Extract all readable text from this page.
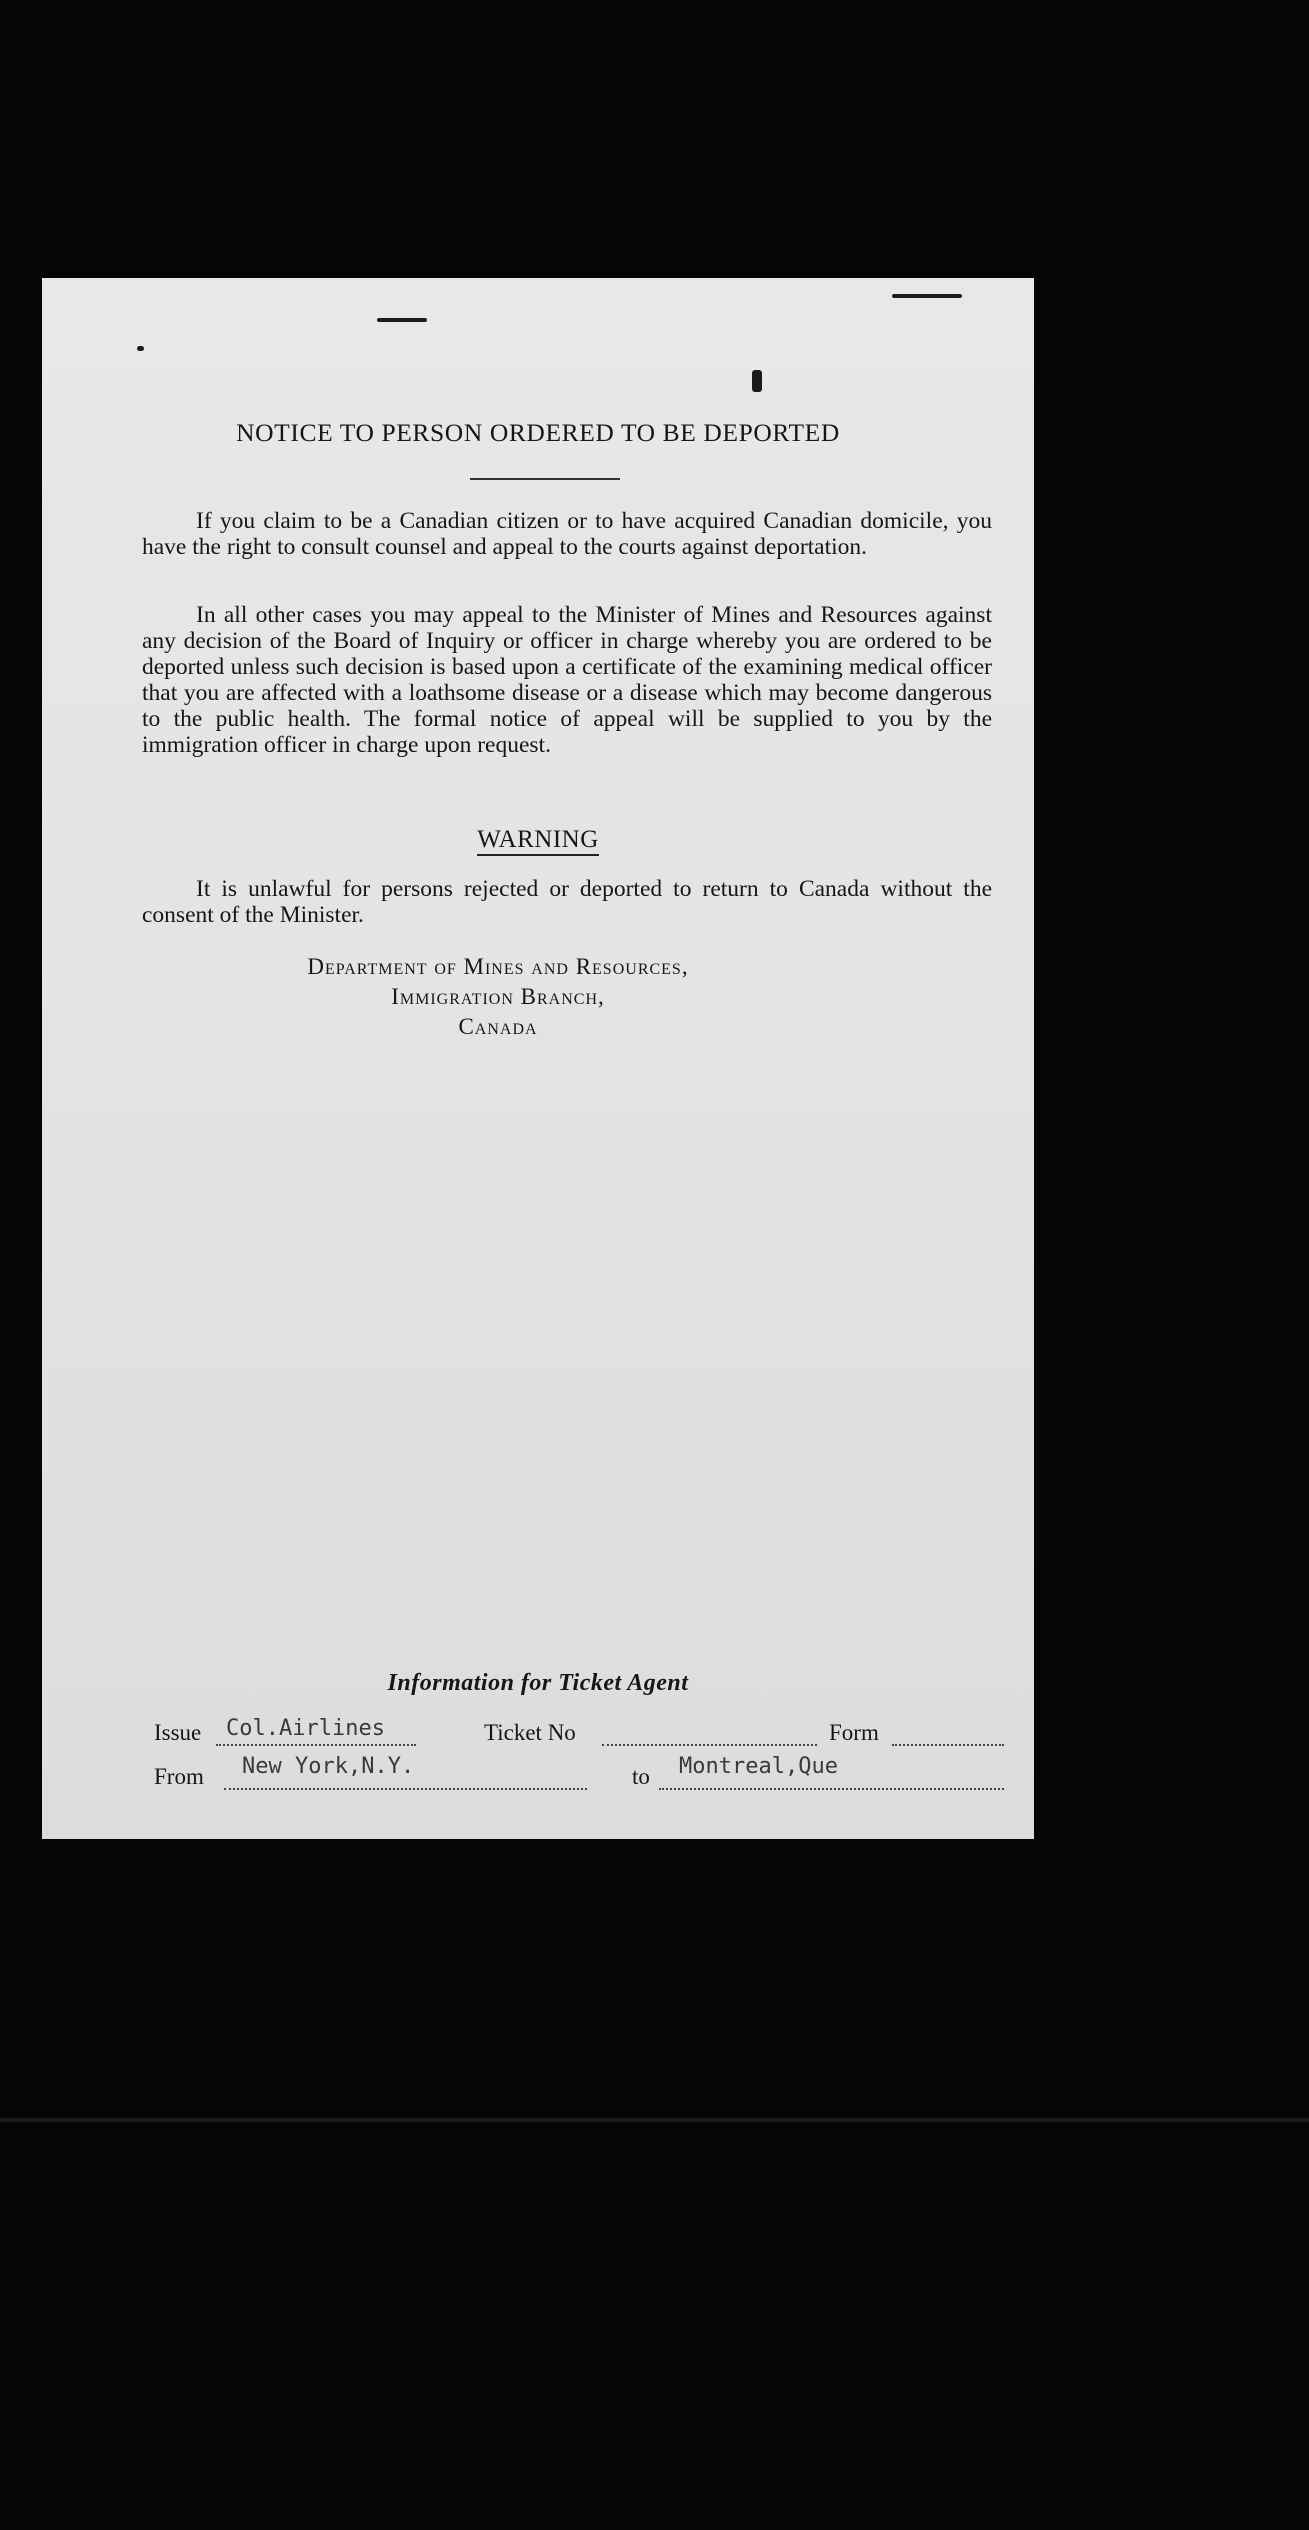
NOTICE TO PERSON ORDERED TO BE DEPORTED

If you claim to be a Canadian citizen or to have acquired Canadian domicile, you have the right to consult counsel and appeal to the courts against deportation.

In all other cases you may appeal to the Minister of Mines and Resources against any decision of the Board of Inquiry or officer in charge whereby you are ordered to be deported unless such decision is based upon a certificate of the examining medical officer that you are affected with a loathsome disease or a disease which may become dangerous to the public health. The formal notice of appeal will be supplied to you by the immigration officer in charge upon request.

WARNING

It is unlawful for persons rejected or deported to return to Canada without the consent of the Minister.

Department of Mines and Resources,
Immigration Branch,
Canada
Information for Ticket Agent
Issue Col.Airlines	Ticket No	Form
From New York,N.Y.	to Montreal,Que
